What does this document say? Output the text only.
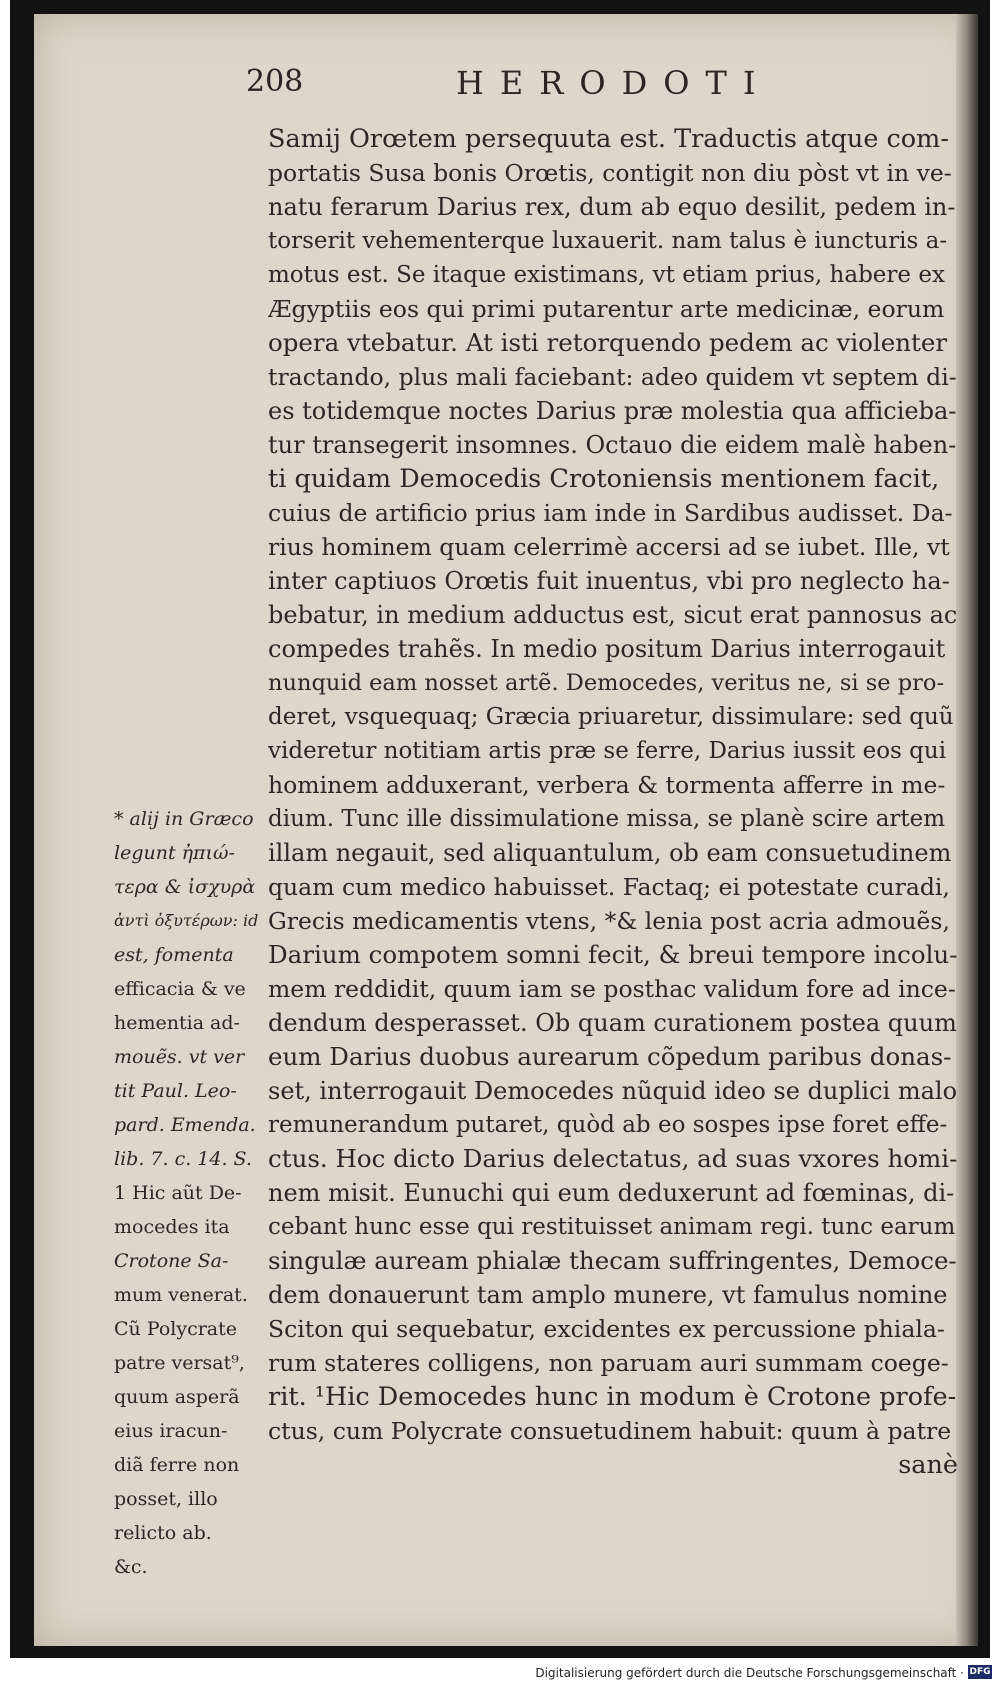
208	HERODOTI
Samij Orœtem persequuta est. Traductis atque com-
portatis Susa bonis Orœtis, contigit non diu pòst vt in ve-
natu ferarum Darius rex, dum ab equo desilit, pedem in-
torserit vehementerque luxauerit. nam talus è iuncturis a-
motus est. Se itaque existimans, vt etiam prius, habere ex
Ægyptiis eos qui primi putarentur arte medicinæ, eorum
opera vtebatur. At isti retorquendo pedem ac violenter
tractando, plus mali faciebant: adeo quidem vt septem di-
es totidemque noctes Darius præ molestia qua afficieba-
tur transegerit insomnes. Octauo die eidem malè haben-
ti quidam Democedis Crotoniensis mentionem facit,
cuius de artificio prius iam inde in Sardibus audisset. Da-
rius hominem quam celerrimè accersi ad se iubet. Ille, vt
inter captiuos Orœtis fuit inuentus, vbi pro neglecto ha-
bebatur, in medium adductus est, sicut erat pannosus ac
compedes trahẽs. In medio positum Darius interrogauit
nunquid eam nosset artẽ. Democedes, veritus ne, si se pro-
deret, vsquequaq; Græcia priuaretur, dissimulare: sed quũ
videretur notitiam artis præ se ferre, Darius iussit eos qui
hominem adduxerant, verbera & tormenta afferre in me-
dium. Tunc ille dissimulatione missa, se planè scire artem
illam negauit, sed aliquantulum, ob eam consuetudinem
quam cum medico habuisset. Factaq; ei potestate curadi,
Grecis medicamentis vtens, *& lenia post acria admouẽs,
Darium compotem somni fecit, & breui tempore incolu-
mem reddidit, quum iam se posthac validum fore ad ince-
dendum desperasset. Ob quam curationem postea quum
eum Darius duobus aurearum cõpedum paribus donas-
set, interrogauit Democedes nũquid ideo se duplici malo
remunerandum putaret, quòd ab eo sospes ipse foret effe-
ctus. Hoc dicto Darius delectatus, ad suas vxores homi-
nem misit. Eunuchi qui eum deduxerunt ad fœminas, di-
cebant hunc esse qui restituisset animam regi. tunc earum
singulæ auream phialæ thecam suffringentes, Democe-
dem donauerunt tam amplo munere, vt famulus nomine
Sciton qui sequebatur, excidentes ex percussione phiala-
rum stateres colligens, non paruam auri summam coege-
rit. ¹Hic Democedes hunc in modum è Crotone profe-
ctus, cum Polycrate consuetudinem habuit: quum à patre
sanè
* alij in Græco
legunt ἠπιώ-
τερα & ἰσχυρὰ
ἀντὶ ὀξυτέρων: id
est, fomenta
efficacia & ve
hementia ad-
mouẽs. vt ver
tit Paul. Leo-
pard. Emenda.
lib. 7. c. 14. S.
1 Hic aũt De-
mocedes ita
Crotone Sa-
mum venerat.
Cũ Polycrate
patre versat⁹,
quum asperã
eius iracun-
diã ferre non
posset, illo
relicto ab.
&c.
Digitalisierung gefördert durch die Deutsche Forschungsgemeinschaft · DFG
